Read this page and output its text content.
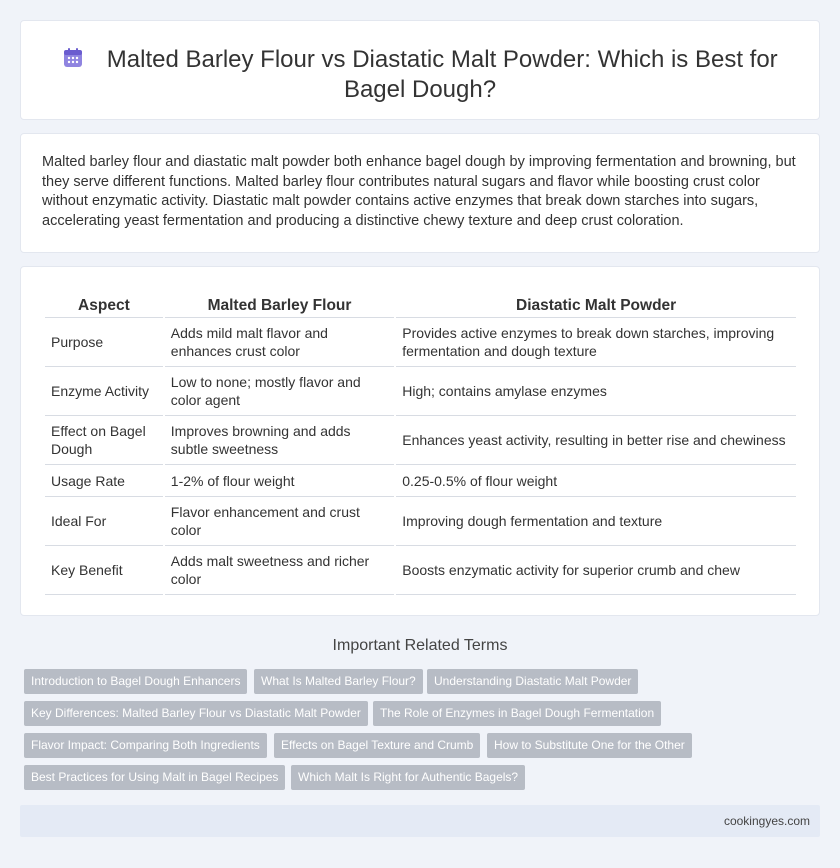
Malted Barley Flour vs Diastatic Malt Powder: Which is Best for Bagel Dough?

Malted barley flour and diastatic malt powder both enhance bagel dough by improving fermentation and browning, but they serve different functions. Malted barley flour contributes natural sugars and flavor while boosting crust color without enzymatic activity. Diastatic malt powder contains active enzymes that break down starches into sugars, accelerating yeast fermentation and producing a distinctive chewy texture and deep crust coloration.

Aspect	Malted Barley Flour	Diastatic Malt Powder
Purpose	Adds mild malt flavor and enhances crust color	Provides active enzymes to break down starches, improving fermentation and dough texture
Enzyme Activity	Low to none; mostly flavor and color agent	High; contains amylase enzymes
Effect on Bagel Dough	Improves browning and adds subtle sweetness	Enhances yeast activity, resulting in better rise and chewiness
Usage Rate	1-2% of flour weight	0.25-0.5% of flour weight
Ideal For	Flavor enhancement and crust color	Improving dough fermentation and texture
Key Benefit	Adds malt sweetness and richer color	Boosts enzymatic activity for superior crumb and chew
Important Related Terms
Introduction to Bagel Dough Enhancers	What Is Malted Barley Flour?	Understanding Diastatic Malt Powder
Key Differences: Malted Barley Flour vs Diastatic Malt Powder	The Role of Enzymes in Bagel Dough Fermentation
Flavor Impact: Comparing Both Ingredients	Effects on Bagel Texture and Crumb	How to Substitute One for the Other
Best Practices for Using Malt in Bagel Recipes	Which Malt Is Right for Authentic Bagels?
cookingyes.com
